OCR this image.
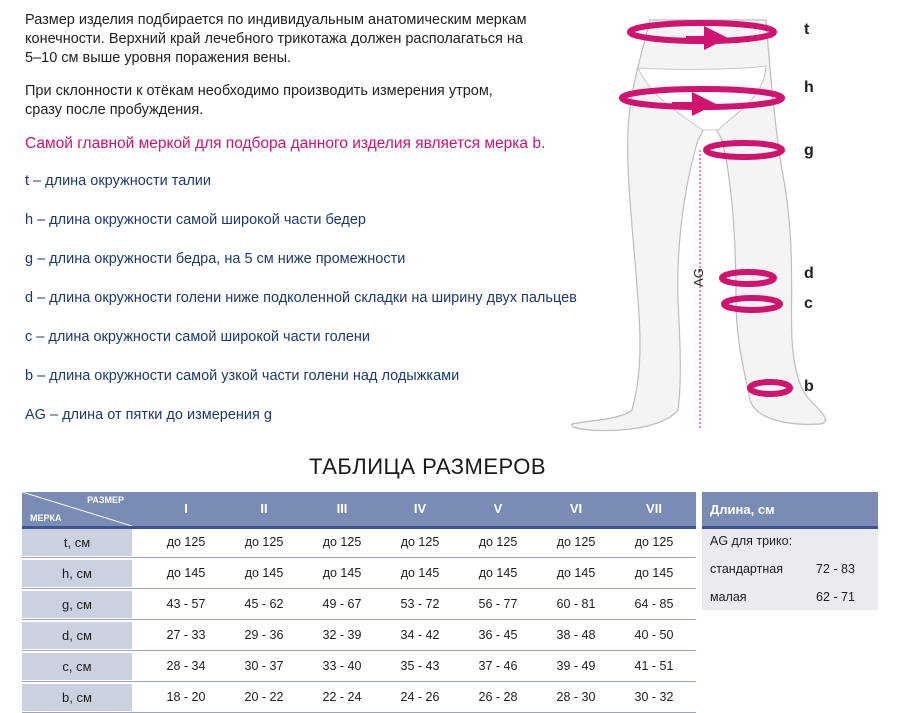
Размер изделия подбирается по индивидуальным анатомическим меркам
конечности. Верхний край лечебного трикотажа должен располагаться на
5–10 см выше уровня поражения вены.
При склонности к отёкам необходимо производить измерения утром,
сразу после пробуждения.
Самой главной меркой для подбора данного изделия является мерка b.
t – длина окружности талии
h – длина окружности самой широкой части бедер
g – длина окружности бедра, на 5 см ниже промежности
d – длина окружности голени ниже подколенной складки на ширину двух пальцев
c – длина окружности самой широкой части голени
b – длина окружности самой узкой части голени над лодыжками
AG – длина от пятки до измерения g
t
h
g
d
c
b
AG
ТАБЛИЦА РАЗМЕРОВ
РАЗМЕР
МЕРКА
I	II	III	IV	V	VI	VII
t, см	до 125	до 125	до 125	до 125	до 125	до 125	до 125
h, см	до 145	до 145	до 145	до 145	до 145	до 145	до 145
g, см	43 - 57	45 - 62	49 - 67	53 - 72	56 - 77	60 - 81	64 - 85
d, см	27 - 33	29 - 36	32 - 39	34 - 42	36 - 45	38 - 48	40 - 50
c, см	28 - 34	30 - 37	33 - 40	35 - 43	37 - 46	39 - 49	41 - 51
b, см	18 - 20	20 - 22	22 - 24	24 - 26	26 - 28	28 - 30	30 - 32
Длина, см
AG для трико:
стандартная	72 - 83
малая	62 - 71
